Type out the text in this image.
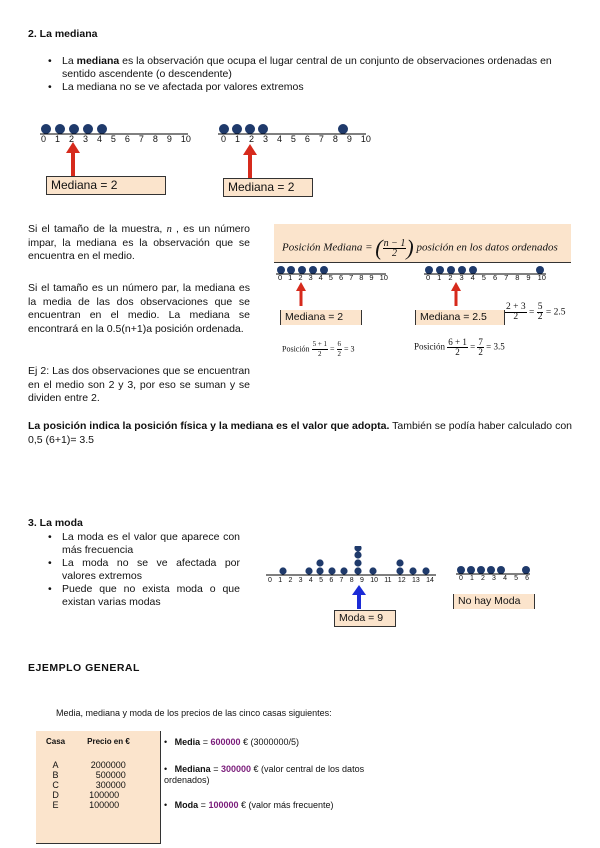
2. La mediana
• La mediana es la observación que ocupa el lugar central de un conjunto de observaciones ordenadas en sentido ascendente (o descendente)
• La mediana no se ve afectada por valores extremos
0 1 2 3 4 5 6 7 8 9 10
Mediana = 2
0 1 2 3 4 5 6 7 8 9 10
Mediana = 2
Si el tamaño de la muestra, n , es un número impar, la mediana es la observación que se encuentra en el medio.
Posición Mediana = ( $\frac{n - 1}{2}$ ) posición en los datos ordenados
0 1 2 3 4 5 6 7 8 9 10
Mediana = 2
0 1 2 3 4 5 6 7 8 9 10
Mediana = 2.5	$\frac{2 + 3}{2} = \frac{5}{2} = 2.5$
Posición $\frac{5 + 1}{2} = \frac{6}{2} = 3$	Posición $\frac{6 + 1}{2} = \frac{7}{2} = 3.5$
Si el tamaño es un número par, la mediana es la media de las dos observaciones que se encuentran en el medio. La mediana se encontrará en la 0.5(n+1)a posición ordenada.
Ej 2: Las dos observaciones que se encuentran en el medio son 2 y 3, por eso se suman y se dividen entre 2.
La posición indica la posición física y la mediana es el valor que adopta. También se podía haber calculado con 0,5 (6+1)= 3.5
3. La moda
• La moda es el valor que aparece con más frecuencia
• La moda no se ve afectada por valores extremos
• Puede que no exista moda o que existan varias modas
0 1 2 3 4 5 6 7 8 9 10 11 12 13 14
Moda = 9
0 1 2 3 4 5 6
No hay Moda
EJEMPLO GENERAL
Media, mediana y moda de los precios de las cinco casas siguientes:
Casa	Precio en €

A	2000000
B	500000
C	300000
D	100000
E	100000
• Media = 600000 € (3000000/5)
• Mediana = 300000 € (valor central de los datos ordenados)
• Moda = 100000 € (valor más frecuente)
